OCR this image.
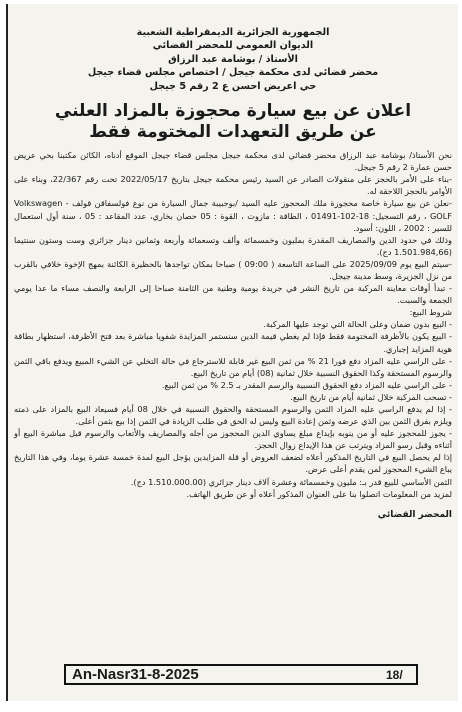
الجمهورية الجزائرية الديمقراطية الشعبية
الديوان العمومي للمحضر القضائي
الأستاذ / بوشامة عبد الرزاق
محضر قضائي لدى محكمة جيجل / اختصاص مجلس قضاء جيجل
حي اعريض احسن ع 2 رقم 5 جيجل
اعلان عن بيع سيارة محجوزة بالمزاد العلني
عن طريق التعهدات المختومة فقط

نحن الأستاذ/ بوشامة عبد الرزاق محضر قضائي لدى محكمة جيجل مجلس قضاء جيجل الموقع أدناه، الكائن مكتبنا بحي عريض حسن عمارة 2 رقم 5 جيجل.

-بناء على الأمر بالحجز على منقولات الصادر عن السيد رئيس محكمة جيجل بتاريخ 2022/05/17 تحت رقم 22/367، وبناء على الأوامر بالحجز اللاحقة له.

-نعلن عن بيع سيارة خاصة محجوزة ملك المحجوز عليه السيد /بوجبيبة جمال السيارة من نوع فولسفاقن قولف Volkswagen - GOLF ، رقم التسجيل: 18-102-01491 ، الطاقة : مازوت ، القوة : 05 حصان بخاري، عدد المقاعد : 05 ، سنة أول استعمال للسير : 2002 ، اللون: أسود.

وذلك في حدود الدين والمصاريف المقدرة بمليون وخمسمائة وألف وتسعمائة وأربعة وثمانين دينار جزائري وست وستون سنتيما (1.501.984,66 دج).

-سيتم البيع يوم 2025/09/09 على الساعة التاسعة ( 09:00 ) صباحا بمكان تواجدها بالحظيرة الكائنة بمهج الإخوة خلافي بالقرب من نزل الجزيرة، وسط مدينة جيجل.

- تبدأ أوقات معاينة المركبة من تاريخ النشر في جريدة يومية وطنية من الثامنة صباحا إلى الرابعة والنصف مساء ما عدا يومي الجمعة والسبت.

شروط البيع:

- البيع بدون ضمان وعلى الحالة التي توجد عليها المركبة.

- البيع يكون بالأظرفة المختومة فقط فإذا لم يغطي قيمة الدين سنستمر المزايدة شفويا مباشرة بعد فتح الأظرفة، استظهار بطاقة هوية المزايد إجباري.

- على الراسي عليه المزاد دفع فورا 21 % من ثمن البيع غير قابلة للاسترجاع في حالة التخلي عن الشيء المبيع ويدفع باقي الثمن والرسوم المستحقة وكذا الحقوق النسبية خلال ثمانية (08) أيام من تاريخ البيع.

- على الراسي عليه المزاد دفع الحقوق النسبية والرسم المقدر بـ 2.5 % من ثمن البيع.

- تسحب المركبة خلال ثمانية أيام من تاريخ البيع.

- إذا لم يدفع الراسي عليه المزاد الثمن والرسوم المستحقة والحقوق النسبية في خلال 08 أيام فسيعاد البيع بالمزاد على ذمته ويلزم بفرق الثمن بين الذي عرضه وثمن إعادة البيع وليس له الحق في طلب الزيادة في الثمن إذا بيع بثمن أعلى.

- يجوز للمحجوز عليه أو من ينوبه بإيداع مبلغ يساوي الدين المحجوز من أجله والمصاريف والأتعاب والرسوم قبل مباشرة البيع أو أثناءه وقبل رسو المزاد ويترتب عن هذا الإيداع زوال الحجز.

إذا لم يحصل البيع في التاريخ المذكور أعلاه لضعف العروض أو قلة المزايدين يؤجل البيع لمدة خمسة عشرة يوما، وفي هذا التاريخ يباع الشيء المحجوز لمن يقدم أعلى عرض.

الثمن الأساسي للبيع قدر بـ: مليون وخمسمائة وعشرة آلاف دينار جزائري (1.510.000.00 دج).

لمزيد من المعلومات اتصلوا بنا على العنوان المذكور أعلاه أو عن طريق الهاتف.

المحضر القضائي
An-Nasr31-8-2025	18/
